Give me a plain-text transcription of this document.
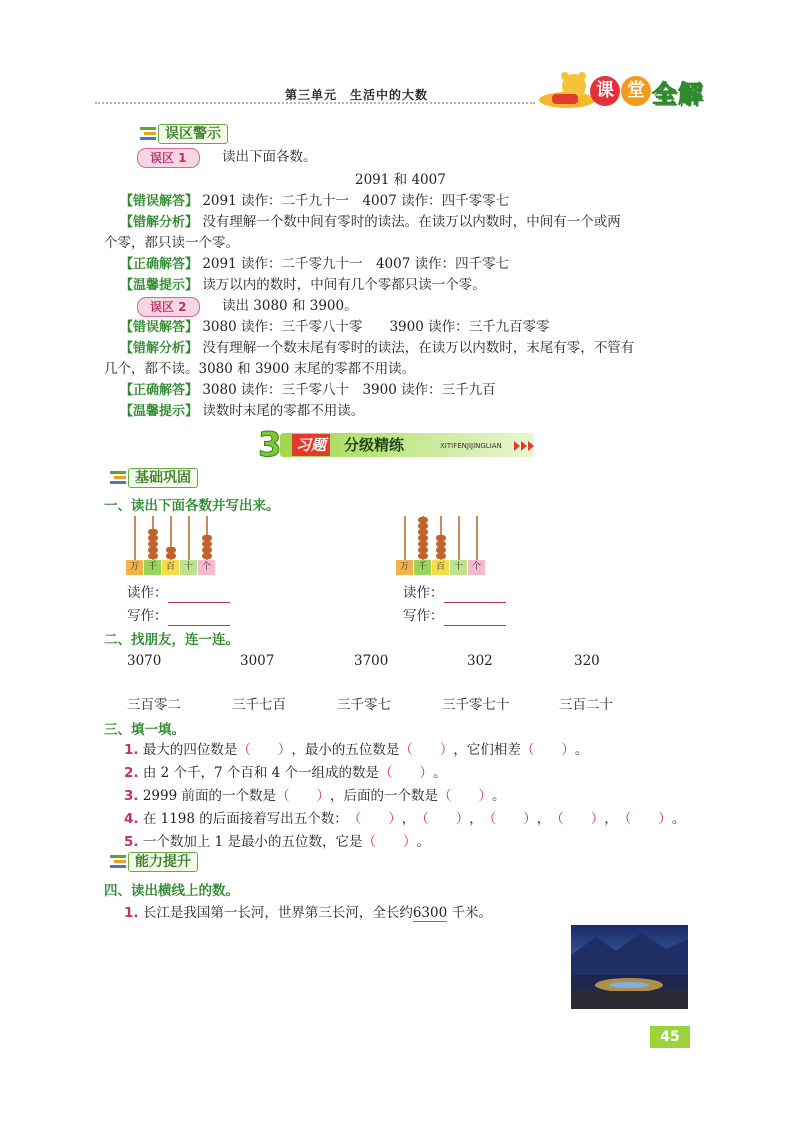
第三单元　生活中的大数	课 堂 全解
误区警示
误区 1	读出下面各数。
2091 和 4007
【错误解答】 2091 读作：二千九十一　4007 读作：四千零零七
【错解分析】 没有理解一个数中间有零时的读法。在读万以内数时，中间有一个或两
个零，都只读一个零。
【正确解答】 2091 读作：二千零九十一　4007 读作：四千零七
【温馨提示】 读万以内的数时，中间有几个零都只读一个零。
误区 2	读出 3080 和 3900。
【错误解答】 3080 读作：三千零八十零　　3900 读作：三千九百零零
【错解分析】 没有理解一个数末尾有零时的读法，在读万以内数时，末尾有零，不管有
几个，都不读。3080 和 3900 末尾的零都不用读。
【正确解答】 3080 读作：三千零八十　3900 读作：三千九百
【温馨提示】 读数时末尾的零都不用读。
3 习题 分级精练	XITIFENJIJINGLIAN
基础巩固
一、读出下面各数并写出来。
万 千 百 十 个	万 千 百 十 个
读作：
写作：
读作：
写作：
二、找朋友，连一连。
3070	3007	3700	302	320
三百零二	三千七百	三千零七	三千零七十	三百二十
三、填一填。
1. 最大的四位数是（　　），最小的五位数是（　　），它们相差（　　）。
2. 由 2 个千，7 个百和 4 个一组成的数是（　　）。
3. 2999 前面的一个数是（　　），后面的一个数是（　　）。
4. 在 1198 的后面接着写出五个数：（　　），（　　），（　　），（　　），（　　）。
5. 一个数加上 1 是最小的五位数，它是（　　）。
能力提升
四、读出横线上的数。
1. 长江是我国第一长河，世界第三长河，全长约6300 千米。
45
